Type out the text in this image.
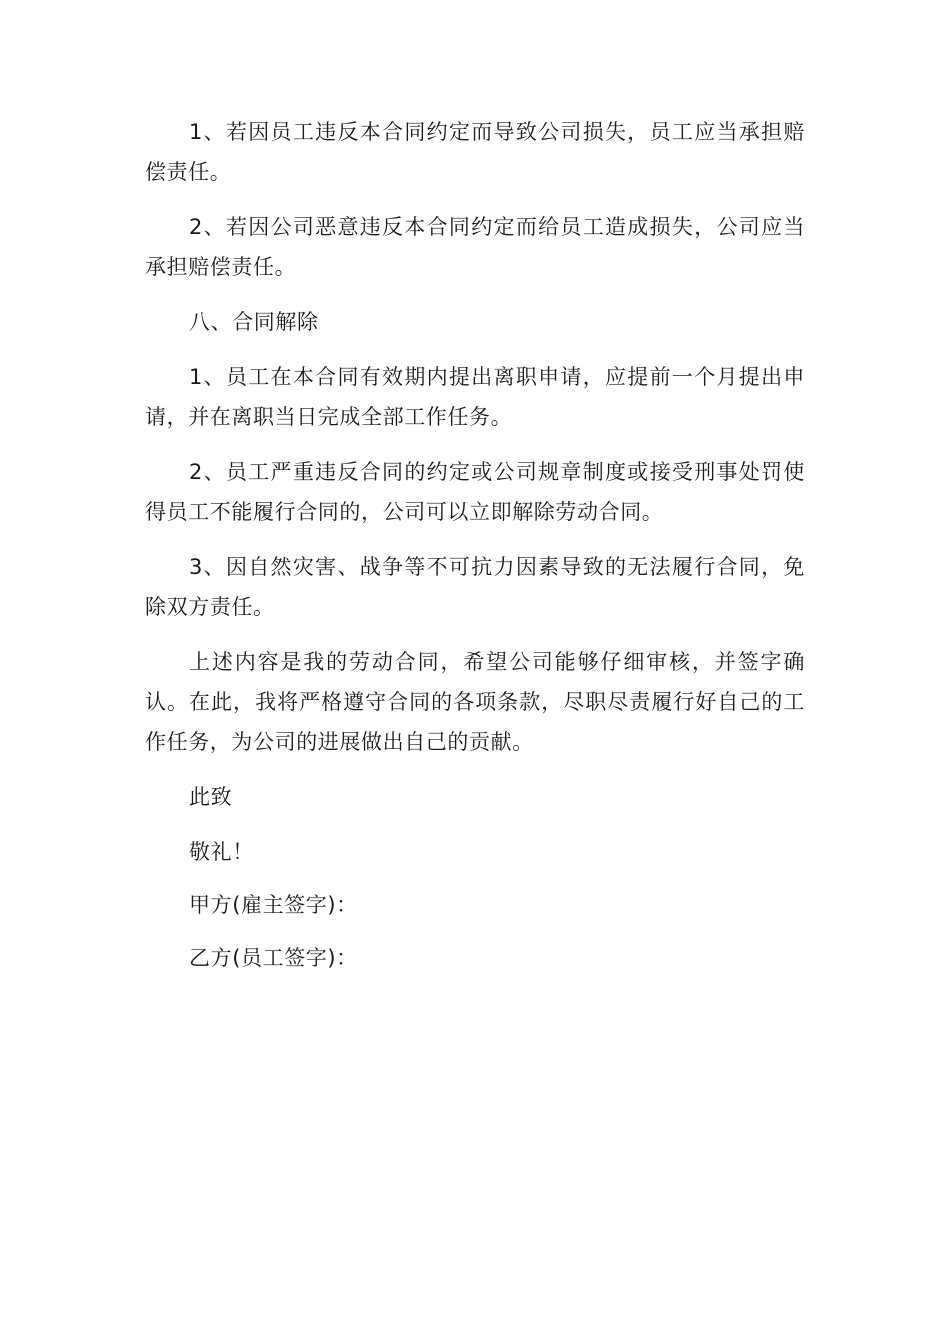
1、若因员工违反本合同约定而导致公司损失，员工应当承担赔偿责任。

2、若因公司恶意违反本合同约定而给员工造成损失，公司应当承担赔偿责任。

八、合同解除

1、员工在本合同有效期内提出离职申请，应提前一个月提出申请，并在离职当日完成全部工作任务。

2、员工严重违反合同的约定或公司规章制度或接受刑事处罚使得员工不能履行合同的，公司可以立即解除劳动合同。

3、因自然灾害、战争等不可抗力因素导致的无法履行合同，免除双方责任。

上述内容是我的劳动合同，希望公司能够仔细审核，并签字确认。在此，我将严格遵守合同的各项条款，尽职尽责履行好自己的工作任务，为公司的进展做出自己的贡献。

此致

敬礼！

甲方(雇主签字)：

乙方(员工签字)：
